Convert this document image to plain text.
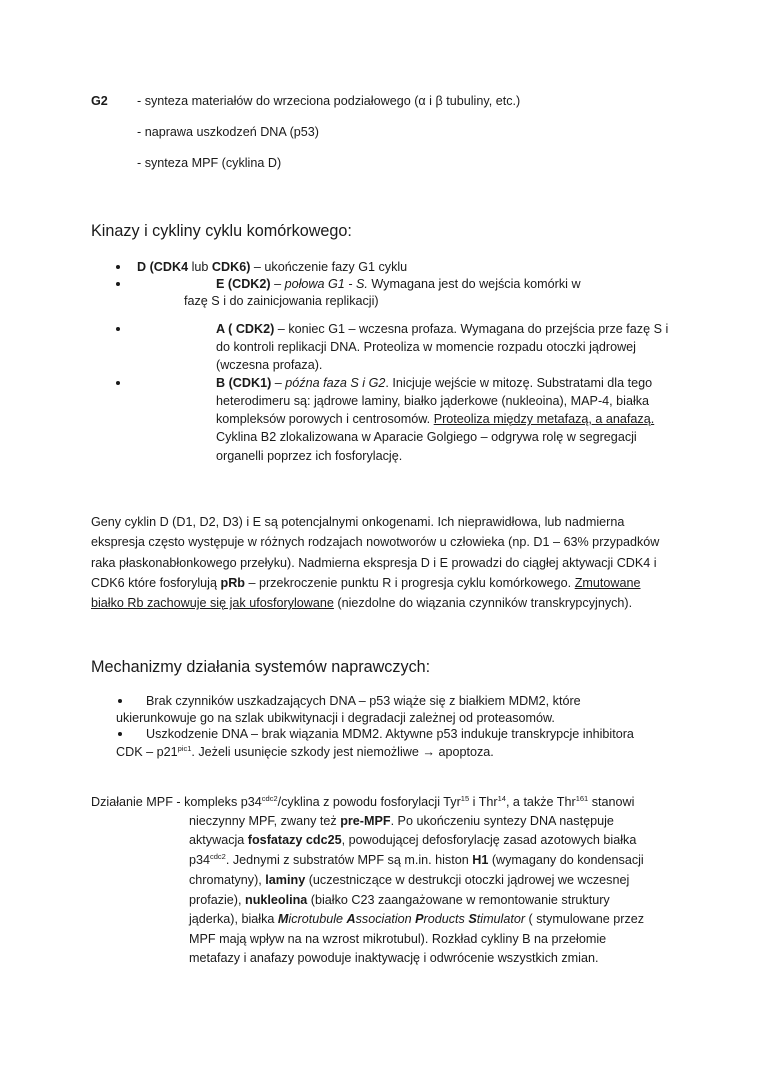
G2 - synteza materiałów do wrzeciona podziałowego (α i β tubuliny, etc.)
- naprawa uszkodzeń DNA (p53)
- synteza MPF (cyklina D)
Kinazy i cykliny cyklu komórkowego:
D (CDK4 lub CDK6) – ukończenie fazy G1 cyklu
E (CDK2) – połowa G1 - S. Wymagana jest do wejścia komórki w
fazę S i do zainicjowania replikacji)
A ( CDK2) – koniec G1 – wczesna profaza. Wymagana do przejścia prze fazę S i
do kontroli replikacji DNA. Proteoliza w momencie rozpadu otoczki jądrowej
(wczesna profaza).
B (CDK1) – późna faza S i G2. Inicjuje wejście w mitozę. Substratami dla tego
heterodimeru są: jądrowe laminy, białko jąderkowe (nukleoina), MAP-4, białka
kompleksów porowych i centrosomów. Proteoliza między metafazą, a anafazą.
Cyklina B2 zlokalizowana w Aparacie Golgiego – odgrywa rolę w segregacji
organelli poprzez ich fosforylację.
Geny cyklin D (D1, D2, D3) i E są potencjalnymi onkogenami. Ich nieprawidłowa, lub nadmierna
ekspresja często występuje w różnych rodzajach nowotworów u człowieka (np. D1 – 63% przypadków
raka płaskonabłonkowego przełyku). Nadmierna ekspresja D i E prowadzi do ciągłej aktywacji CDK4 i
CDK6 które fosforylują pRb – przekroczenie punktu R i progresja cyklu komórkowego. Zmutowane
białko Rb zachowuje się jak ufosforylowane (niezdolne do wiązania czynników transkrypcyjnych).
Mechanizmy działania systemów naprawczych:
Brak czynników uszkadzających DNA – p53 wiąże się z białkiem MDM2, które
ukierunkowuje go na szlak ubikwitynacji i degradacji zależnej od proteasomów.
Uszkodzenie DNA – brak wiązania MDM2. Aktywne p53 indukuje transkrypcje inhibitora
CDK – $p21^{pic1}$. Jeżeli usunięcie szkody jest niemożliwe → apoptoza.
Działanie MPF - kompleks $p34^{cdc2}$/cyklina z powodu fosforylacji Tyr$^{15}$ i Thr$^{14}$, a także Thr$^{161}$ stanowi
nieczynny MPF, zwany też pre-MPF. Po ukończeniu syntezy DNA następuje
aktywacja fosfatazy cdc25, powodującej defosforylację zasad azotowych białka
$p34^{cdc2}$. Jednymi z substratów MPF są m.in. histon H1 (wymagany do kondensacji
chromatyny), laminy (uczestniczące w destrukcji otoczki jądrowej we wczesnej
profazie), nukleolina (białko C23 zaangażowane w remontowanie struktury
jąderka), białka Microtubule Association Products Stimulator ( stymulowane przez
MPF mają wpływ na na wzrost mikrotubul). Rozkład cykliny B na przełomie
metafazy i anafazy powoduje inaktywację i odwrócenie wszystkich zmian.
